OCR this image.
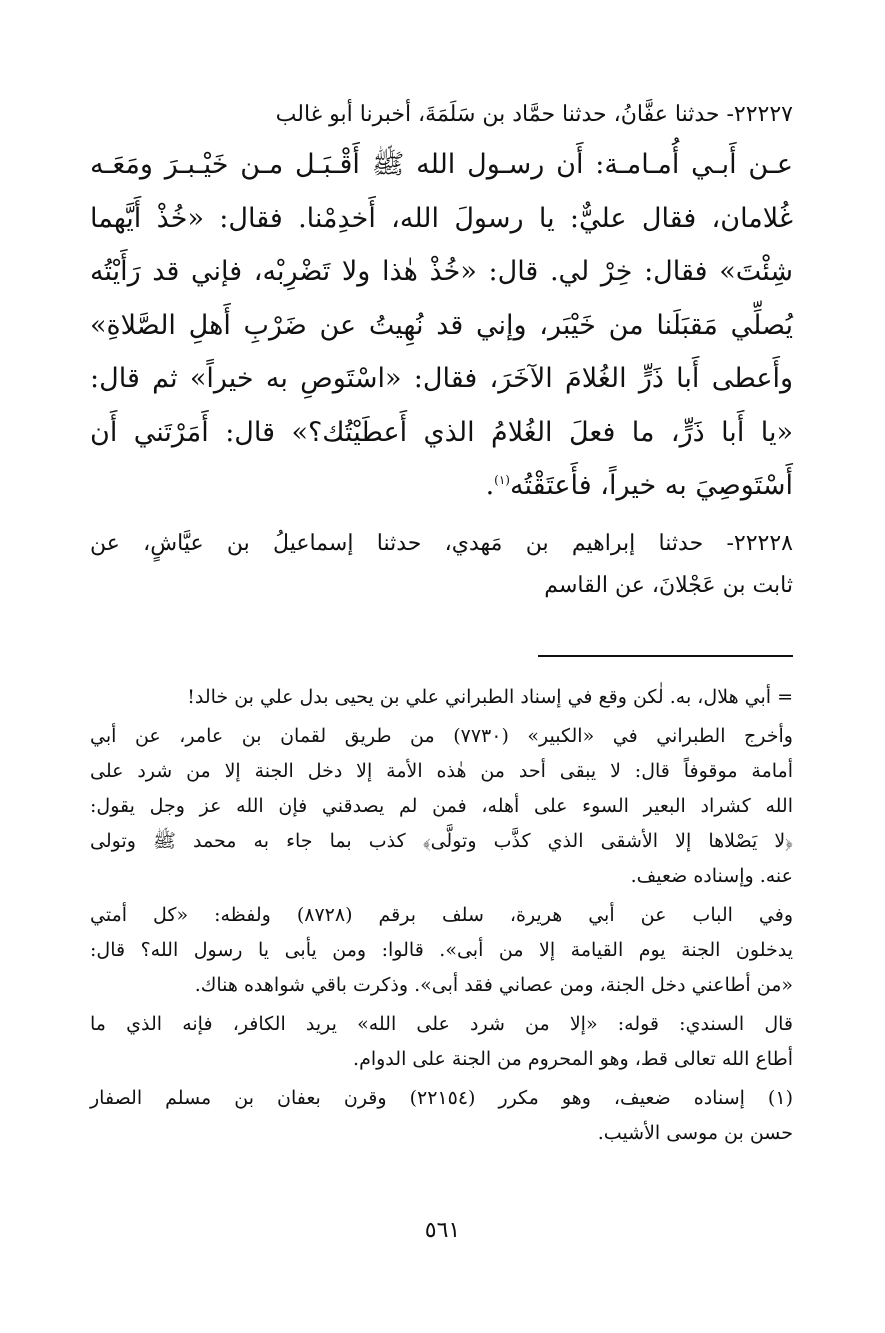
٢٢٢٢٧- حدثنا عفَّانُ، حدثنا حمَّاد بن سَلَمَةَ، أخبرنا أبو غالب

عـن أَبـي أُمـامـة: أَن رسـول الله ﷺ أَقْـبَـل مـن خَيْـبـرَ ومَعَـه
غُلامان، فقال عليٌّ: يا رسولَ الله، أَخدِمْنا. فقال: «خُذْ أَيَّهما
شِئْتَ» فقال: خِرْ لي. قال: «خُذْ هٰذا ولا تَضْرِبْه، فإني قد رَأَيْتُه
يُصلِّي مَقبَلَنا من خَيْبَر، وإني قد نُهِيتُ عن ضَرْبِ أَهلِ الصَّلاةِ»
وأَعطى أَبا ذَرٍّ الغُلامَ الآخَرَ، فقال: «اسْتَوصِ به خيراً» ثم قال:
«يا أَبا ذَرٍّ، ما فعلَ الغُلامُ الذي أَعطَيْتُك؟» قال: أَمَرْتَني أَن
أَسْتَوصِيَ به خيراً، فأَعتَقْتُه$^{(١)}$.

٢٢٢٢٨- حدثنا إبراهيم بن مَهدي، حدثنا إسماعيلُ بن عيَّاشٍ، عن
ثابت بن عَجْلانَ، عن القاسم

= أبي هلال، به. لٰكن وقع في إسناد الطبراني علي بن يحيى بدل علي بن خالد!
وأخرج الطبراني في «الكبير» (٧٧٣٠) من طريق لقمان بن عامر، عن أبي
أمامة موقوفاً قال: لا يبقى أحد من هٰذه الأمة إلا دخل الجنة إلا من شرد على
الله كشراد البعير السوء على أهله، فمن لم يصدقني فإن الله عز وجل يقول:
﴿لا يَصْلاها إلا الأشقى الذي كذَّب وتولَّى﴾ كذب بما جاء به محمد ﷺ وتولى
عنه. وإسناده ضعيف.
وفي الباب عن أبي هريرة، سلف برقم (٨٧٢٨) ولفظه: «كل أمتي
يدخلون الجنة يوم القيامة إلا من أبى». قالوا: ومن يأبى يا رسول الله؟ قال:
«من أطاعني دخل الجنة، ومن عصاني فقد أبى». وذكرت باقي شواهده هناك.
قال السندي: قوله: «إلا من شرد على الله» يريد الكافر، فإنه الذي ما
أطاع الله تعالى قط، وهو المحروم من الجنة على الدوام.
(١) إسناده ضعيف، وهو مكرر (٢٢١٥٤) وقرن بعفان بن مسلم الصفار
حسن بن موسى الأشيب.
٥٦١
